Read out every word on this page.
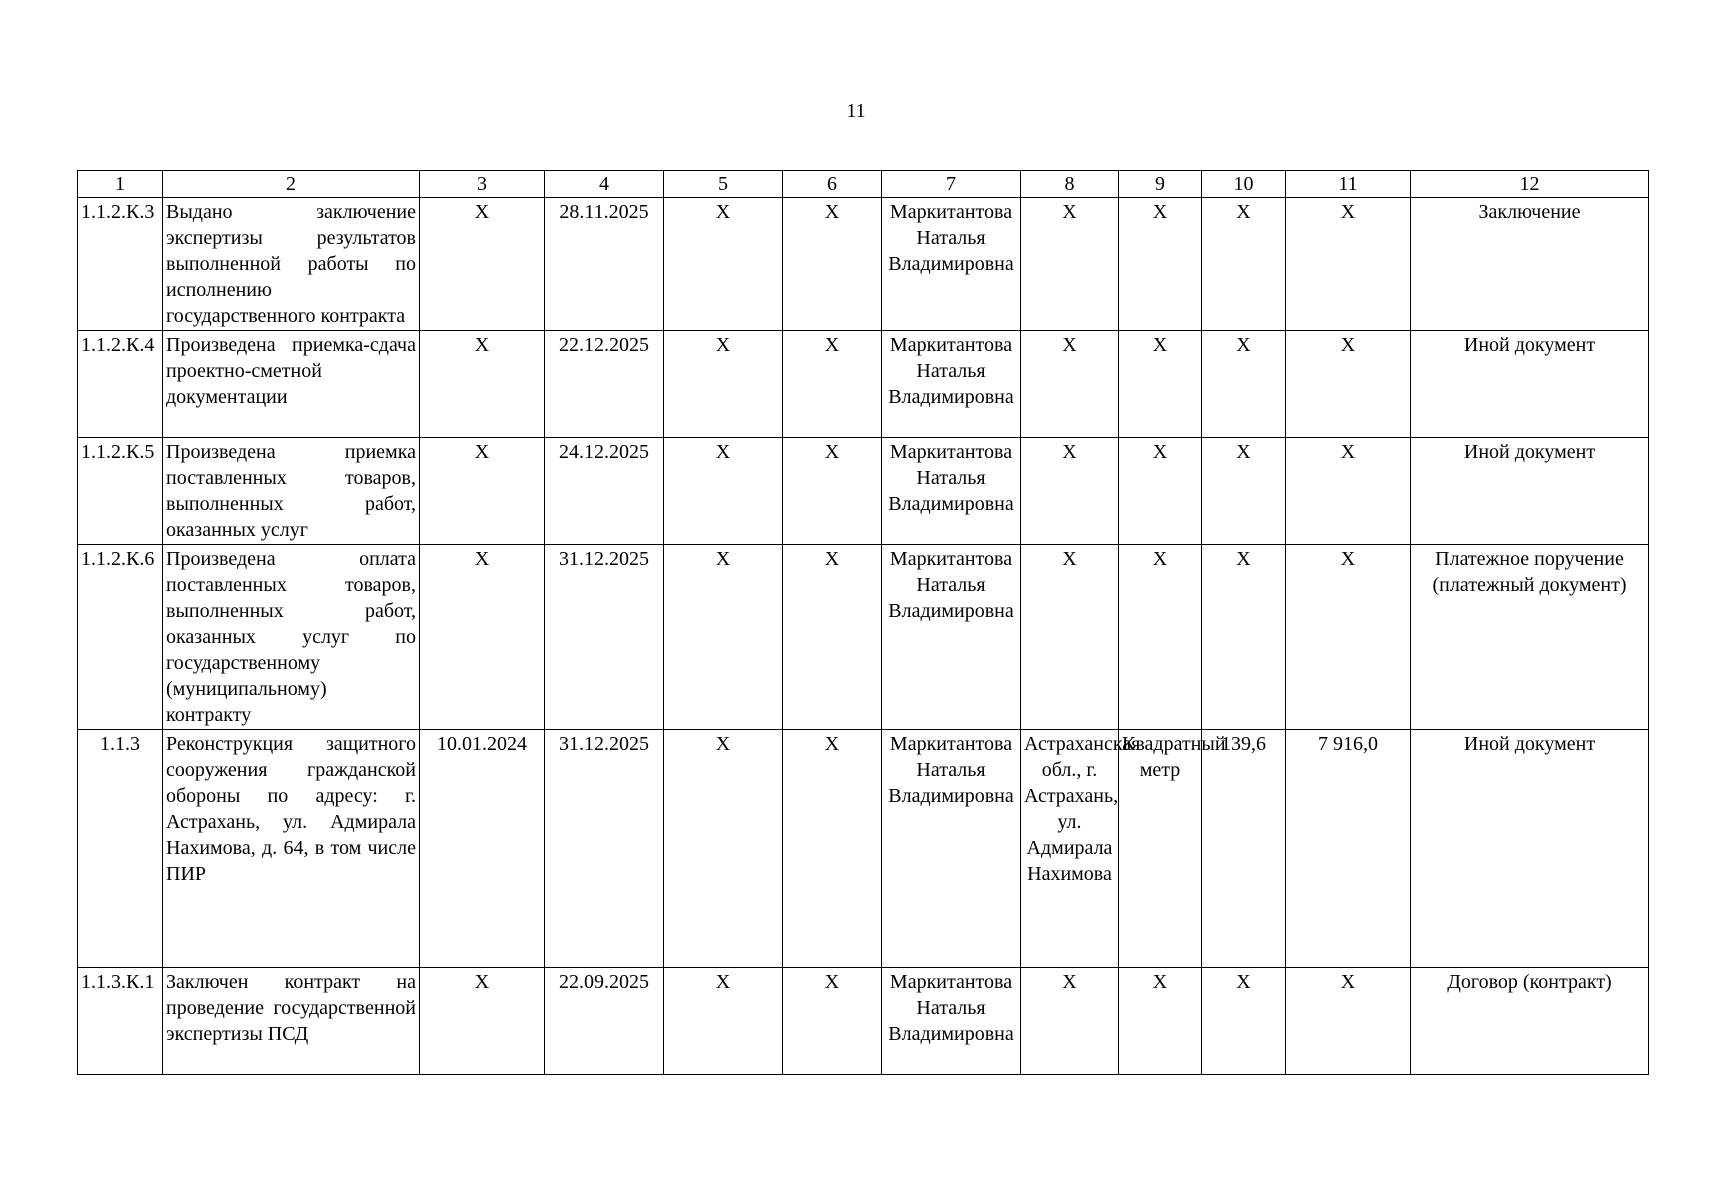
11
1	2	3	4	5	6	7	8	9	10	11	12
1.1.2.К.3	Выдано заключение экспертизы результатов выполненной работы по исполнению государственного контракта	X	28.11.2025	X	X	Маркитантова Наталья Владимировна	X	X	X	X	Заключение
1.1.2.К.4	Произведена приемка-сдача проектно-сметной документации	X	22.12.2025	X	X	Маркитантова Наталья Владимировна	X	X	X	X	Иной документ
1.1.2.К.5	Произведена приемка поставленных товаров, выполненных работ, оказанных услуг	X	24.12.2025	X	X	Маркитантова Наталья Владимировна	X	X	X	X	Иной документ
1.1.2.К.6	Произведена оплата поставленных товаров, выполненных работ, оказанных услуг по государственному (муниципальному) контракту	X	31.12.2025	X	X	Маркитантова Наталья Владимировна	X	X	X	X	Платежное поручение (платежный документ)
1.1.3	Реконструкция защитного сооружения гражданской обороны по адресу: г. Астрахань, ул. Адмирала Нахимова, д. 64, в том числе ПИР	10.01.2024	31.12.2025	X	X	Маркитантова Наталья Владимировна	Астраханская обл., г. Астрахань, ул. Адмирала Нахимова	Квадратный метр	139,6	7 916,0	Иной документ
1.1.3.К.1	Заключен контракт на проведение государственной экспертизы ПСД	X	22.09.2025	X	X	Маркитантова Наталья Владимировна	X	X	X	X	Договор (контракт)
